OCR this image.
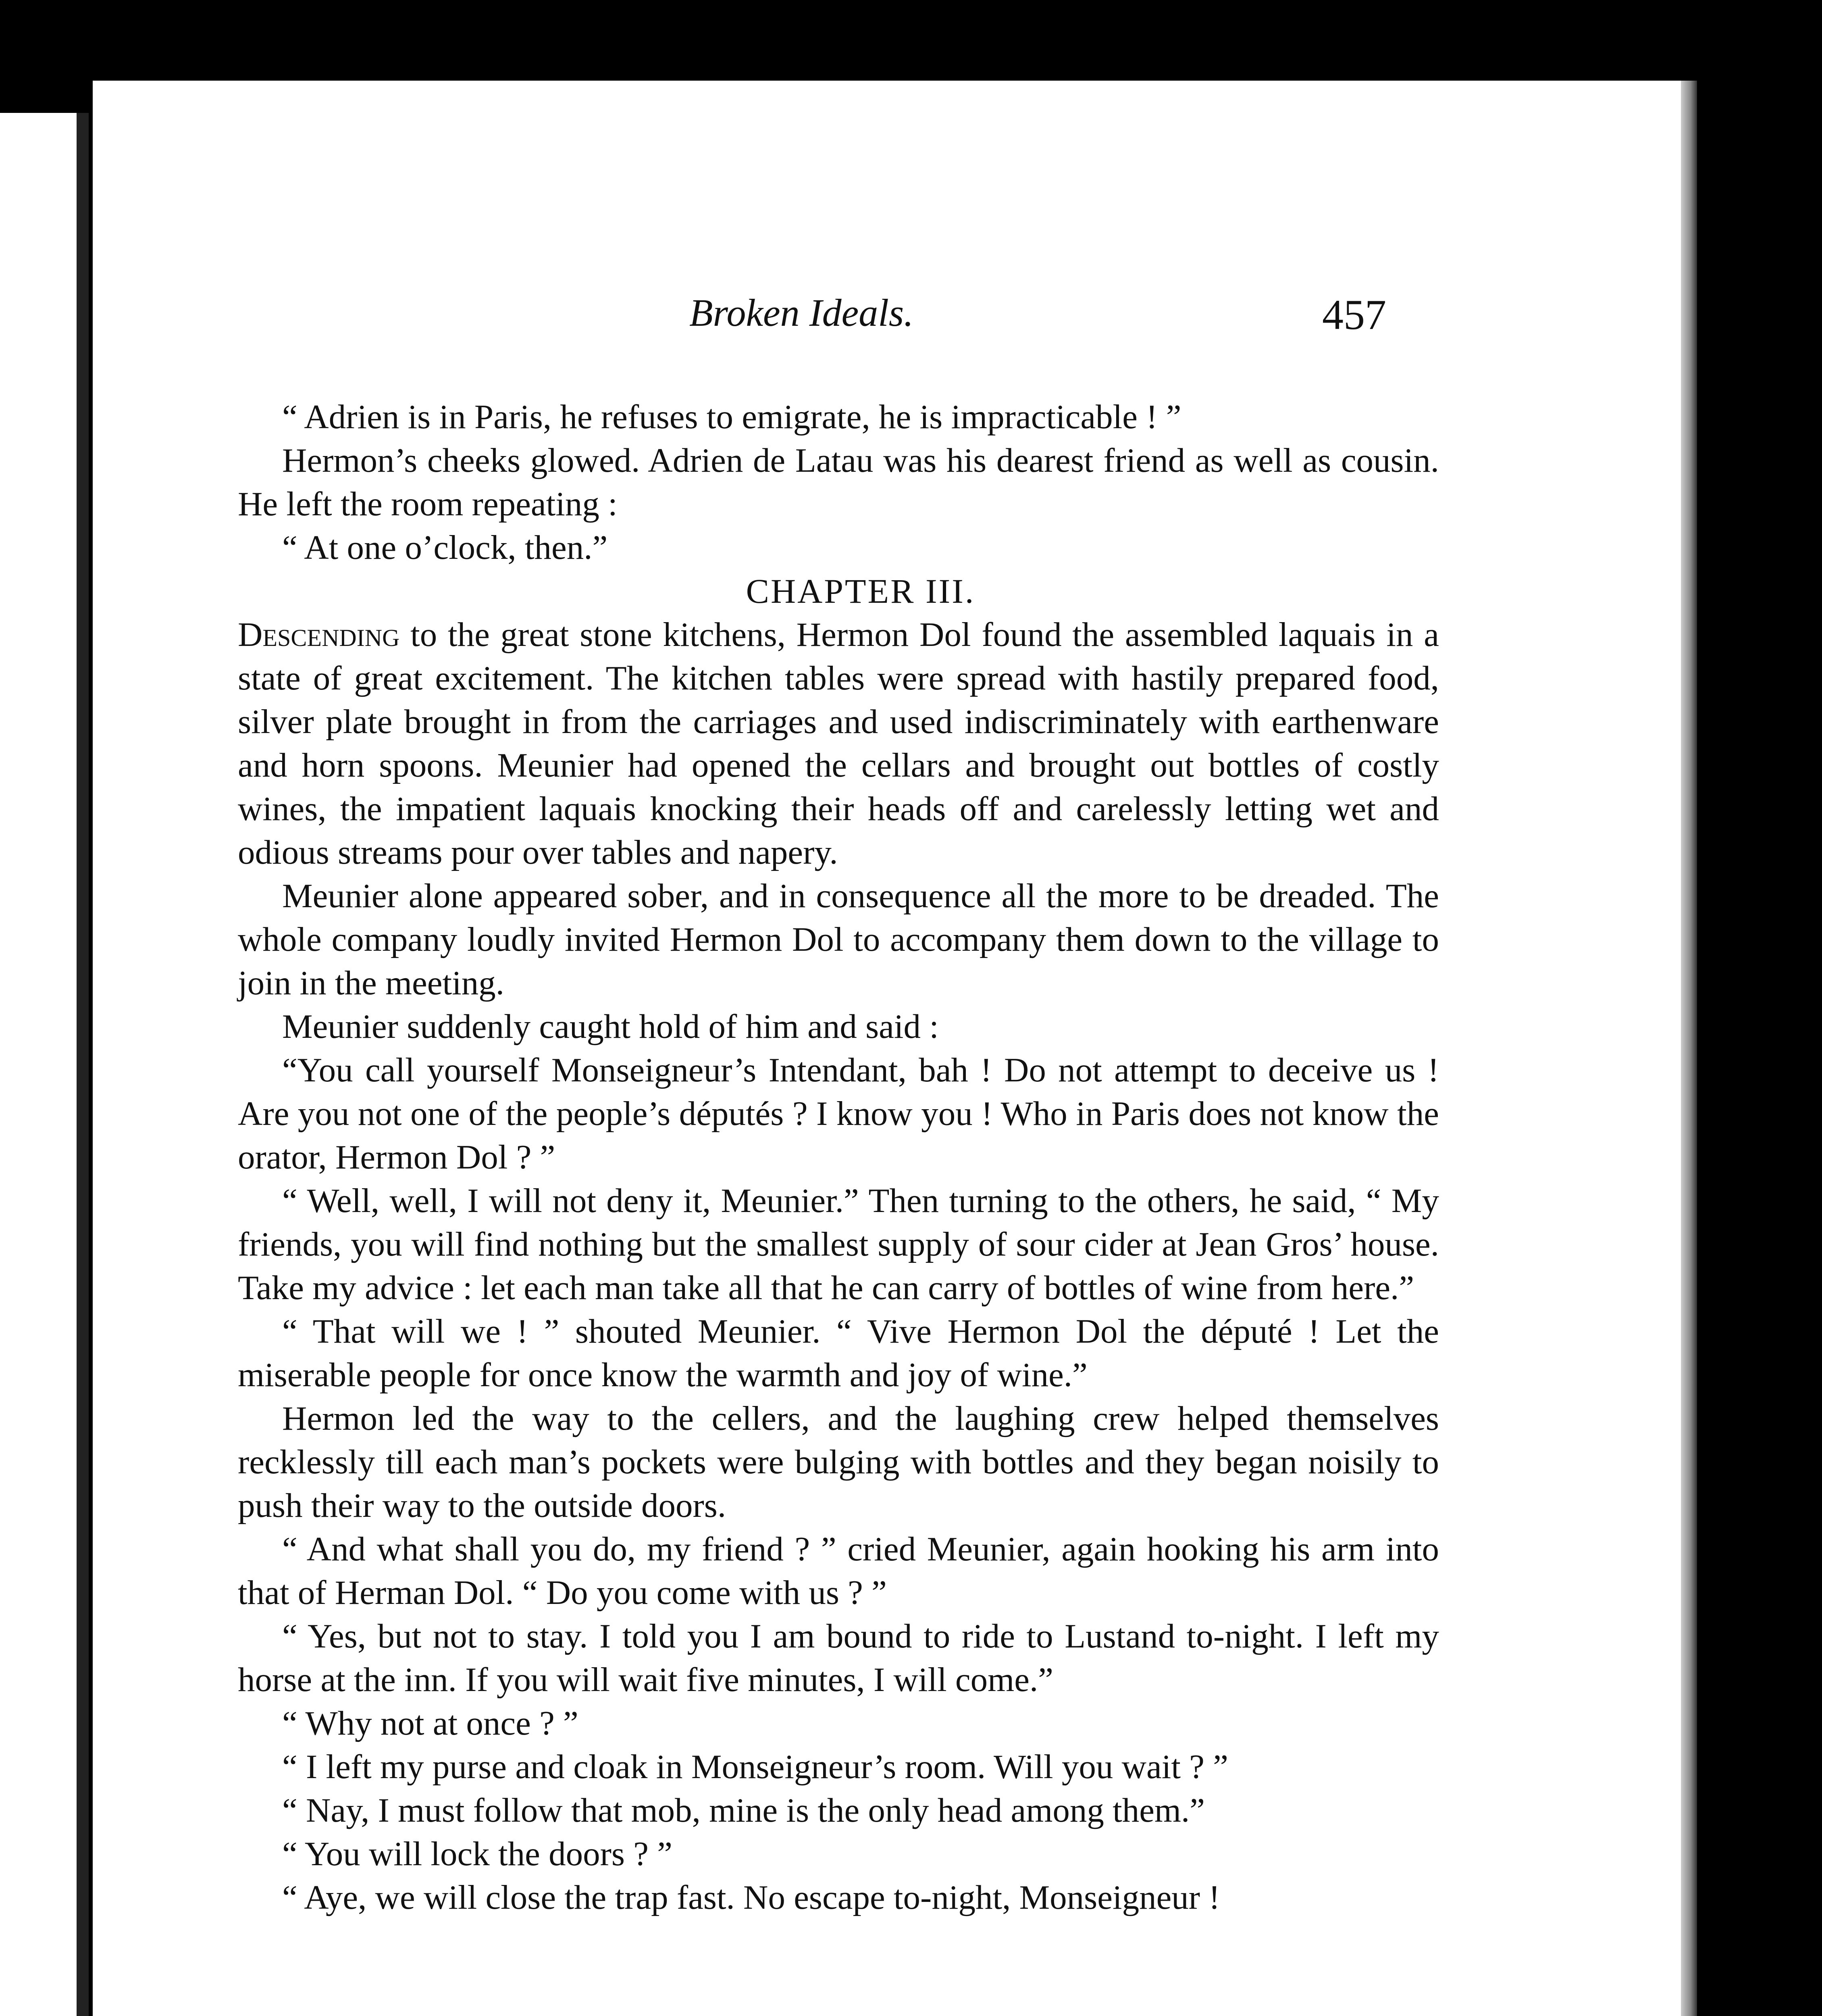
Broken Ideals.	457

“ Adrien is in Paris, he refuses to emigrate, he is impracticable ! ”

Hermon’s cheeks glowed. Adrien de Latau was his dearest friend as well as cousin. He left the room repeating :

“ At one o’clock, then.”

CHAPTER III.

Descending to the great stone kitchens, Hermon Dol found the assembled laquais in a state of great excitement. The kitchen tables were spread with hastily prepared food, silver plate brought in from the carriages and used indiscriminately with earthenware and horn spoons. Meunier had opened the cellars and brought out bottles of costly wines, the impatient laquais knocking their heads off and carelessly letting wet and odious streams pour over tables and napery.

Meunier alone appeared sober, and in consequence all the more to be dreaded. The whole company loudly invited Hermon Dol to accompany them down to the village to join in the meeting.

Meunier suddenly caught hold of him and said :

“You call yourself Monseigneur’s Intendant, bah ! Do not attempt to deceive us ! Are you not one of the people’s députés ? I know you ! Who in Paris does not know the orator, Hermon Dol ? ”

“ Well, well, I will not deny it, Meunier.” Then turning to the others, he said, “ My friends, you will find nothing but the smallest supply of sour cider at Jean Gros’ house. Take my advice : let each man take all that he can carry of bottles of wine from here.”

“ That will we ! ” shouted Meunier. “ Vive Hermon Dol the député ! Let the miserable people for once know the warmth and joy of wine.”

Hermon led the way to the cellers, and the laughing crew helped themselves recklessly till each man’s pockets were bulging with bottles and they began noisily to push their way to the outside doors.

“ And what shall you do, my friend ? ” cried Meunier, again hooking his arm into that of Herman Dol. “ Do you come with us ? ”

“ Yes, but not to stay. I told you I am bound to ride to Lustand to-night. I left my horse at the inn. If you will wait five minutes, I will come.”

“ Why not at once ? ”

“ I left my purse and cloak in Monseigneur’s room. Will you wait ? ”

“ Nay, I must follow that mob, mine is the only head among them.”

“ You will lock the doors ? ”

“ Aye, we will close the trap fast. No escape to-night, Monseigneur !
